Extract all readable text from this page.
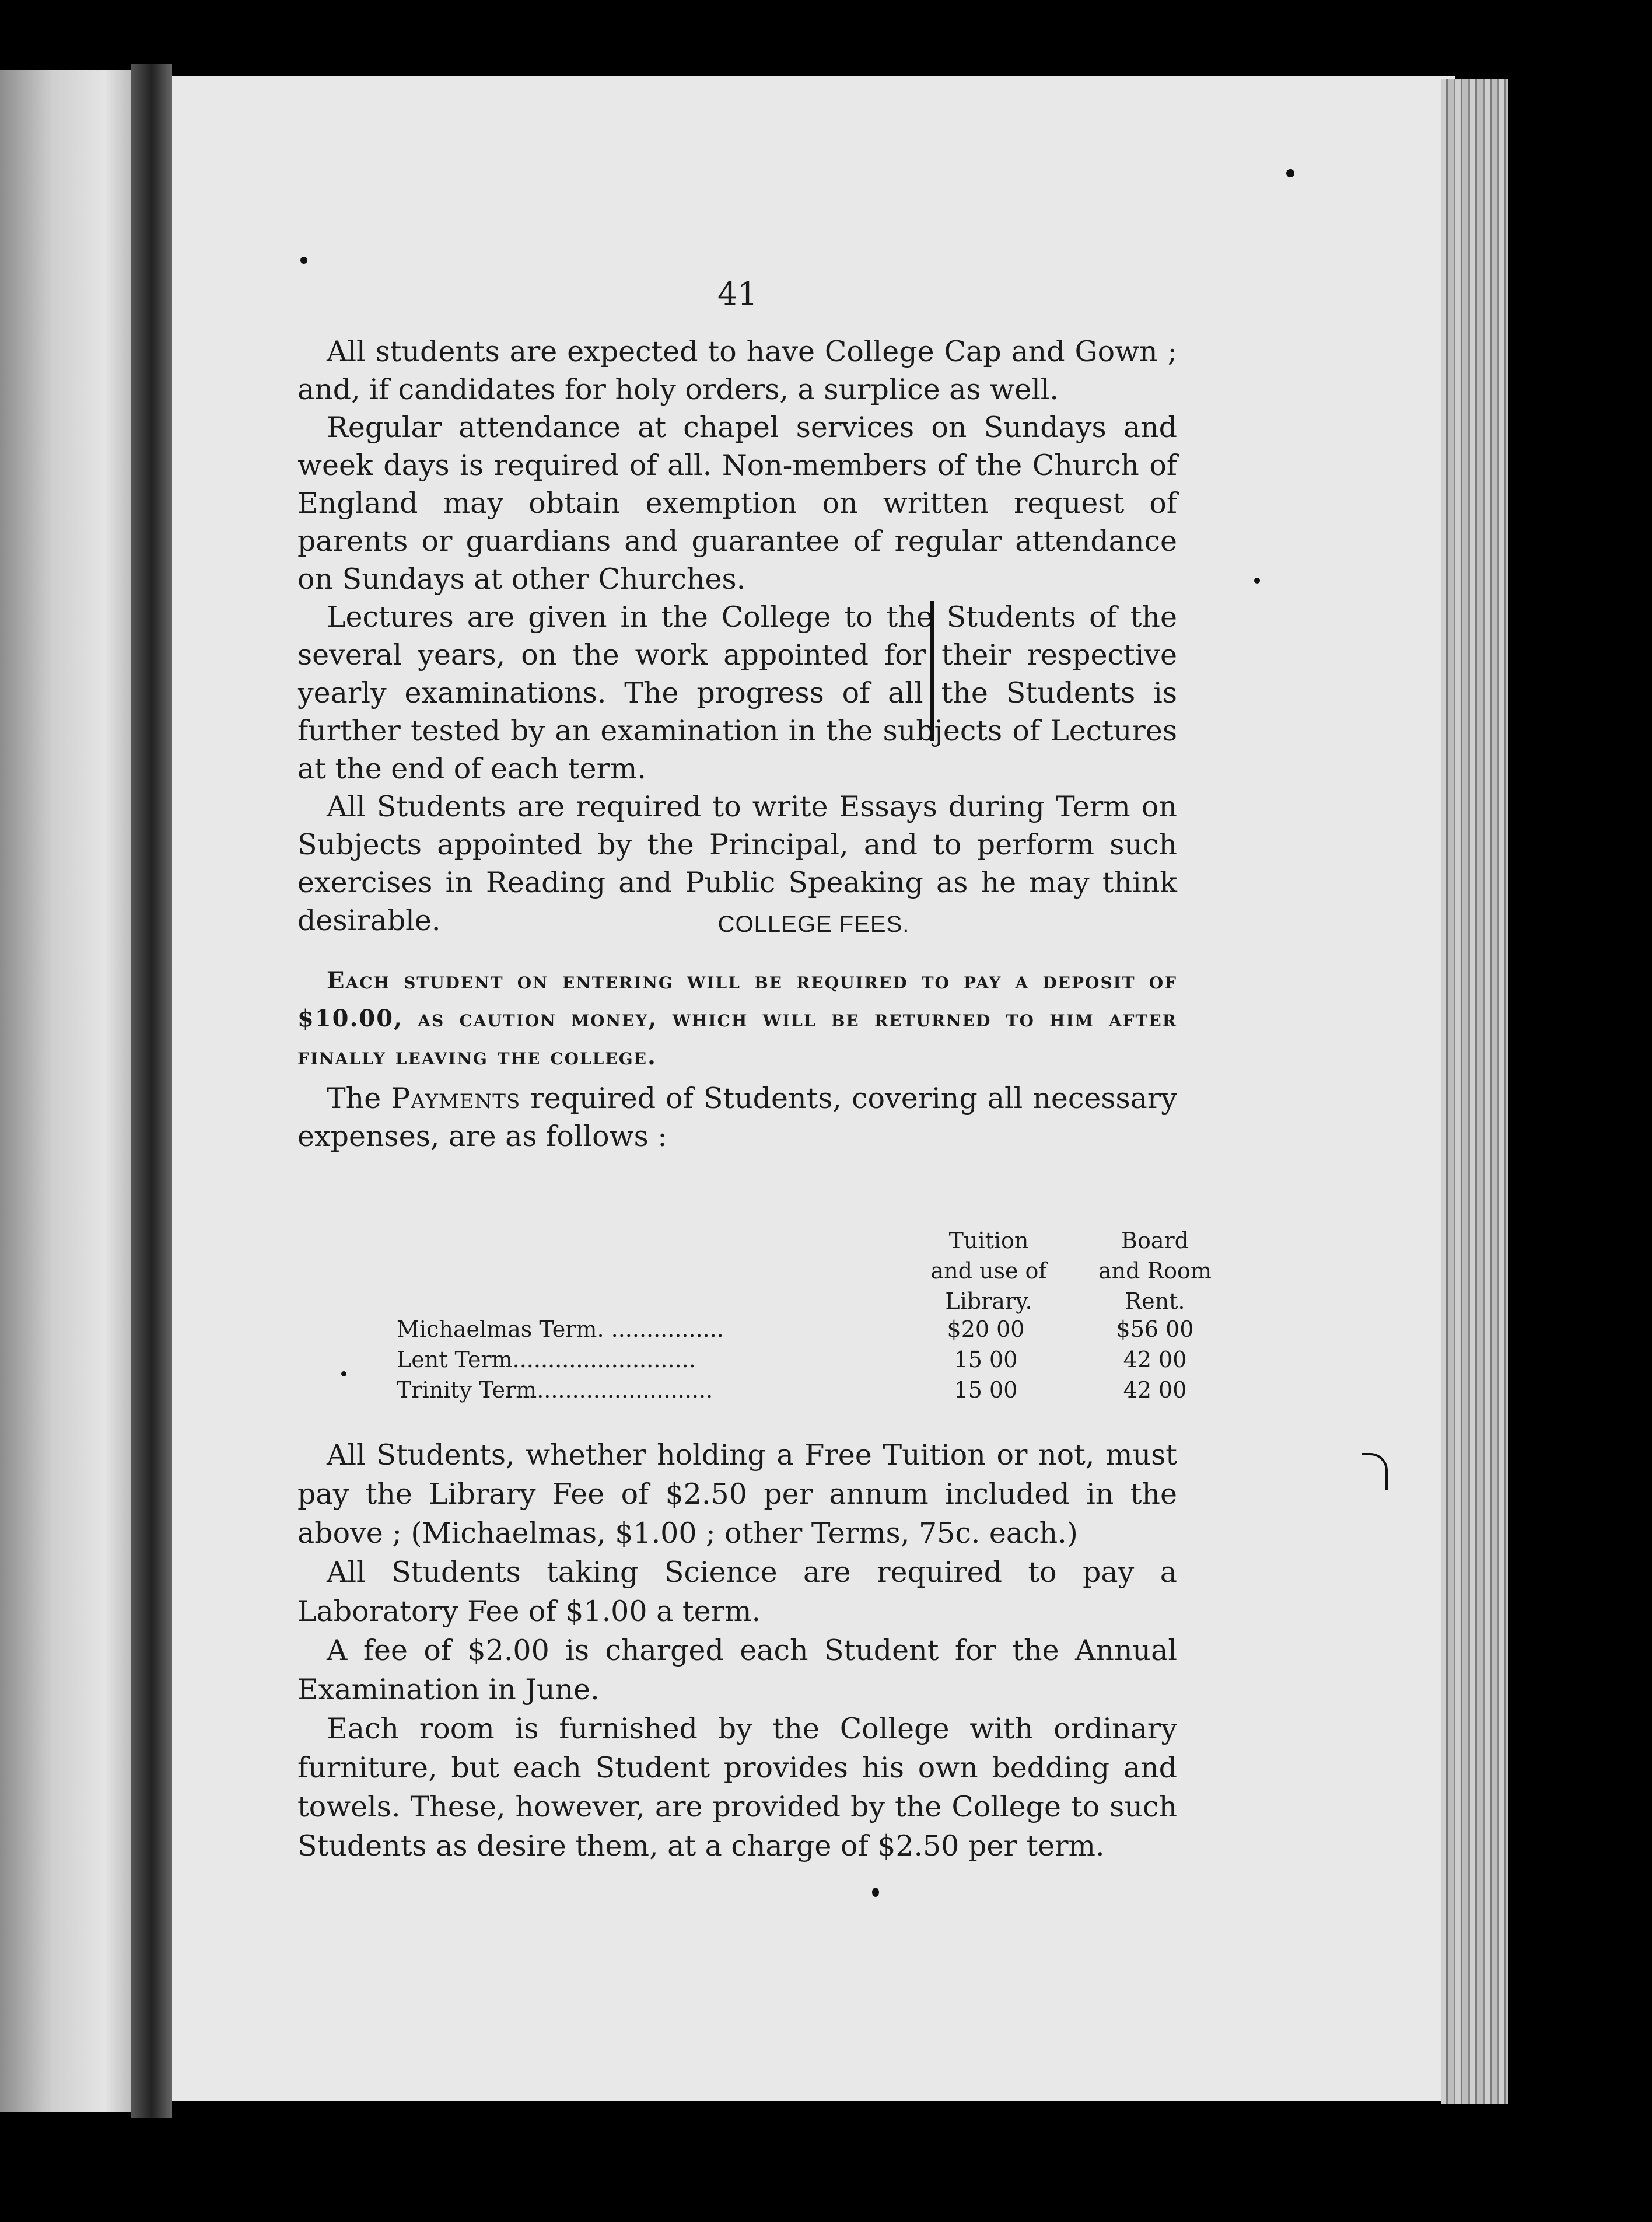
41

All students are expected to have College Cap and Gown ; and, if candidates for holy orders, a surplice as well.

Regular attendance at chapel services on Sundays and week days is required of all. Non-members of the Church of England may obtain exemption on written request of parents or guardians and guarantee of regular attendance on Sundays at other Churches.

Lectures are given in the College to the Students of the several years, on the work appointed for their respective yearly examinations. The progress of all the Students is further tested by an examination in the subjects of Lectures at the end of each term.

All Students are required to write Essays during Term on Subjects appointed by the Principal, and to perform such exercises in Reading and Public Speaking as he may think desirable.	COLLEGE FEES.
Each student on entering will be required to pay a deposit of $10.00, as caution money, which will be returned to him after finally leaving the college.
The Payments required of Students, covering all necessary expenses, are as follows :
Tuition
and use of
Library.
Board
and Room
Rent.
Michaelmas Term. ................	$20 00	$56 00
Lent Term..........................	15 00	42 00
Trinity Term.........................	15 00	42 00

All Students, whether holding a Free Tuition or not, must pay the Library Fee of $2.50 per annum included in the above ; (Michaelmas, $1.00 ; other Terms, 75c. each.)

All Students taking Science are required to pay a Laboratory Fee of $1.00 a term.

A fee of $2.00 is charged each Student for the Annual Examination in June.

Each room is furnished by the College with ordinary furniture, but each Student provides his own bedding and towels. These, however, are provided by the College to such Students as desire them, at a charge of $2.50 per term.
